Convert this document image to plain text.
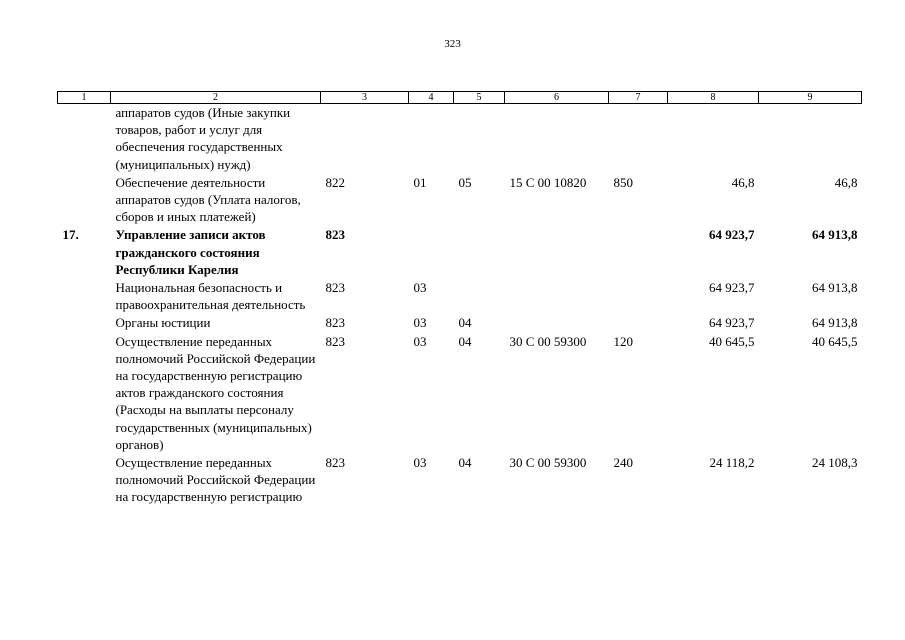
323
1	2	3	4	5	6	7	8	9
	аппаратов судов (Иные закупки товаров, работ и услуг для обеспечения государственных (муниципальных) нужд)							
	Обеспечение деятельности аппаратов судов (Уплата налогов, сборов и иных платежей)	822	01	05	15 С 00 10820	850	46,8	46,8
17.	Управление записи актов гражданского состояния Республики Карелия	823					64 923,7	64 913,8
	Национальная безопасность и правоохранительная деятельность	823	03				64 923,7	64 913,8
	Органы юстиции	823	03	04			64 923,7	64 913,8
	Осуществление переданных полномочий Российской Федерации на государственную регистрацию актов гражданского состояния (Расходы на выплаты персоналу государственных (муниципальных) органов)	823	03	04	30 С 00 59300	120	40 645,5	40 645,5
	Осуществление переданных полномочий Российской Федерации на государственную регистрацию	823	03	04	30 С 00 59300	240	24 118,2	24 108,3
